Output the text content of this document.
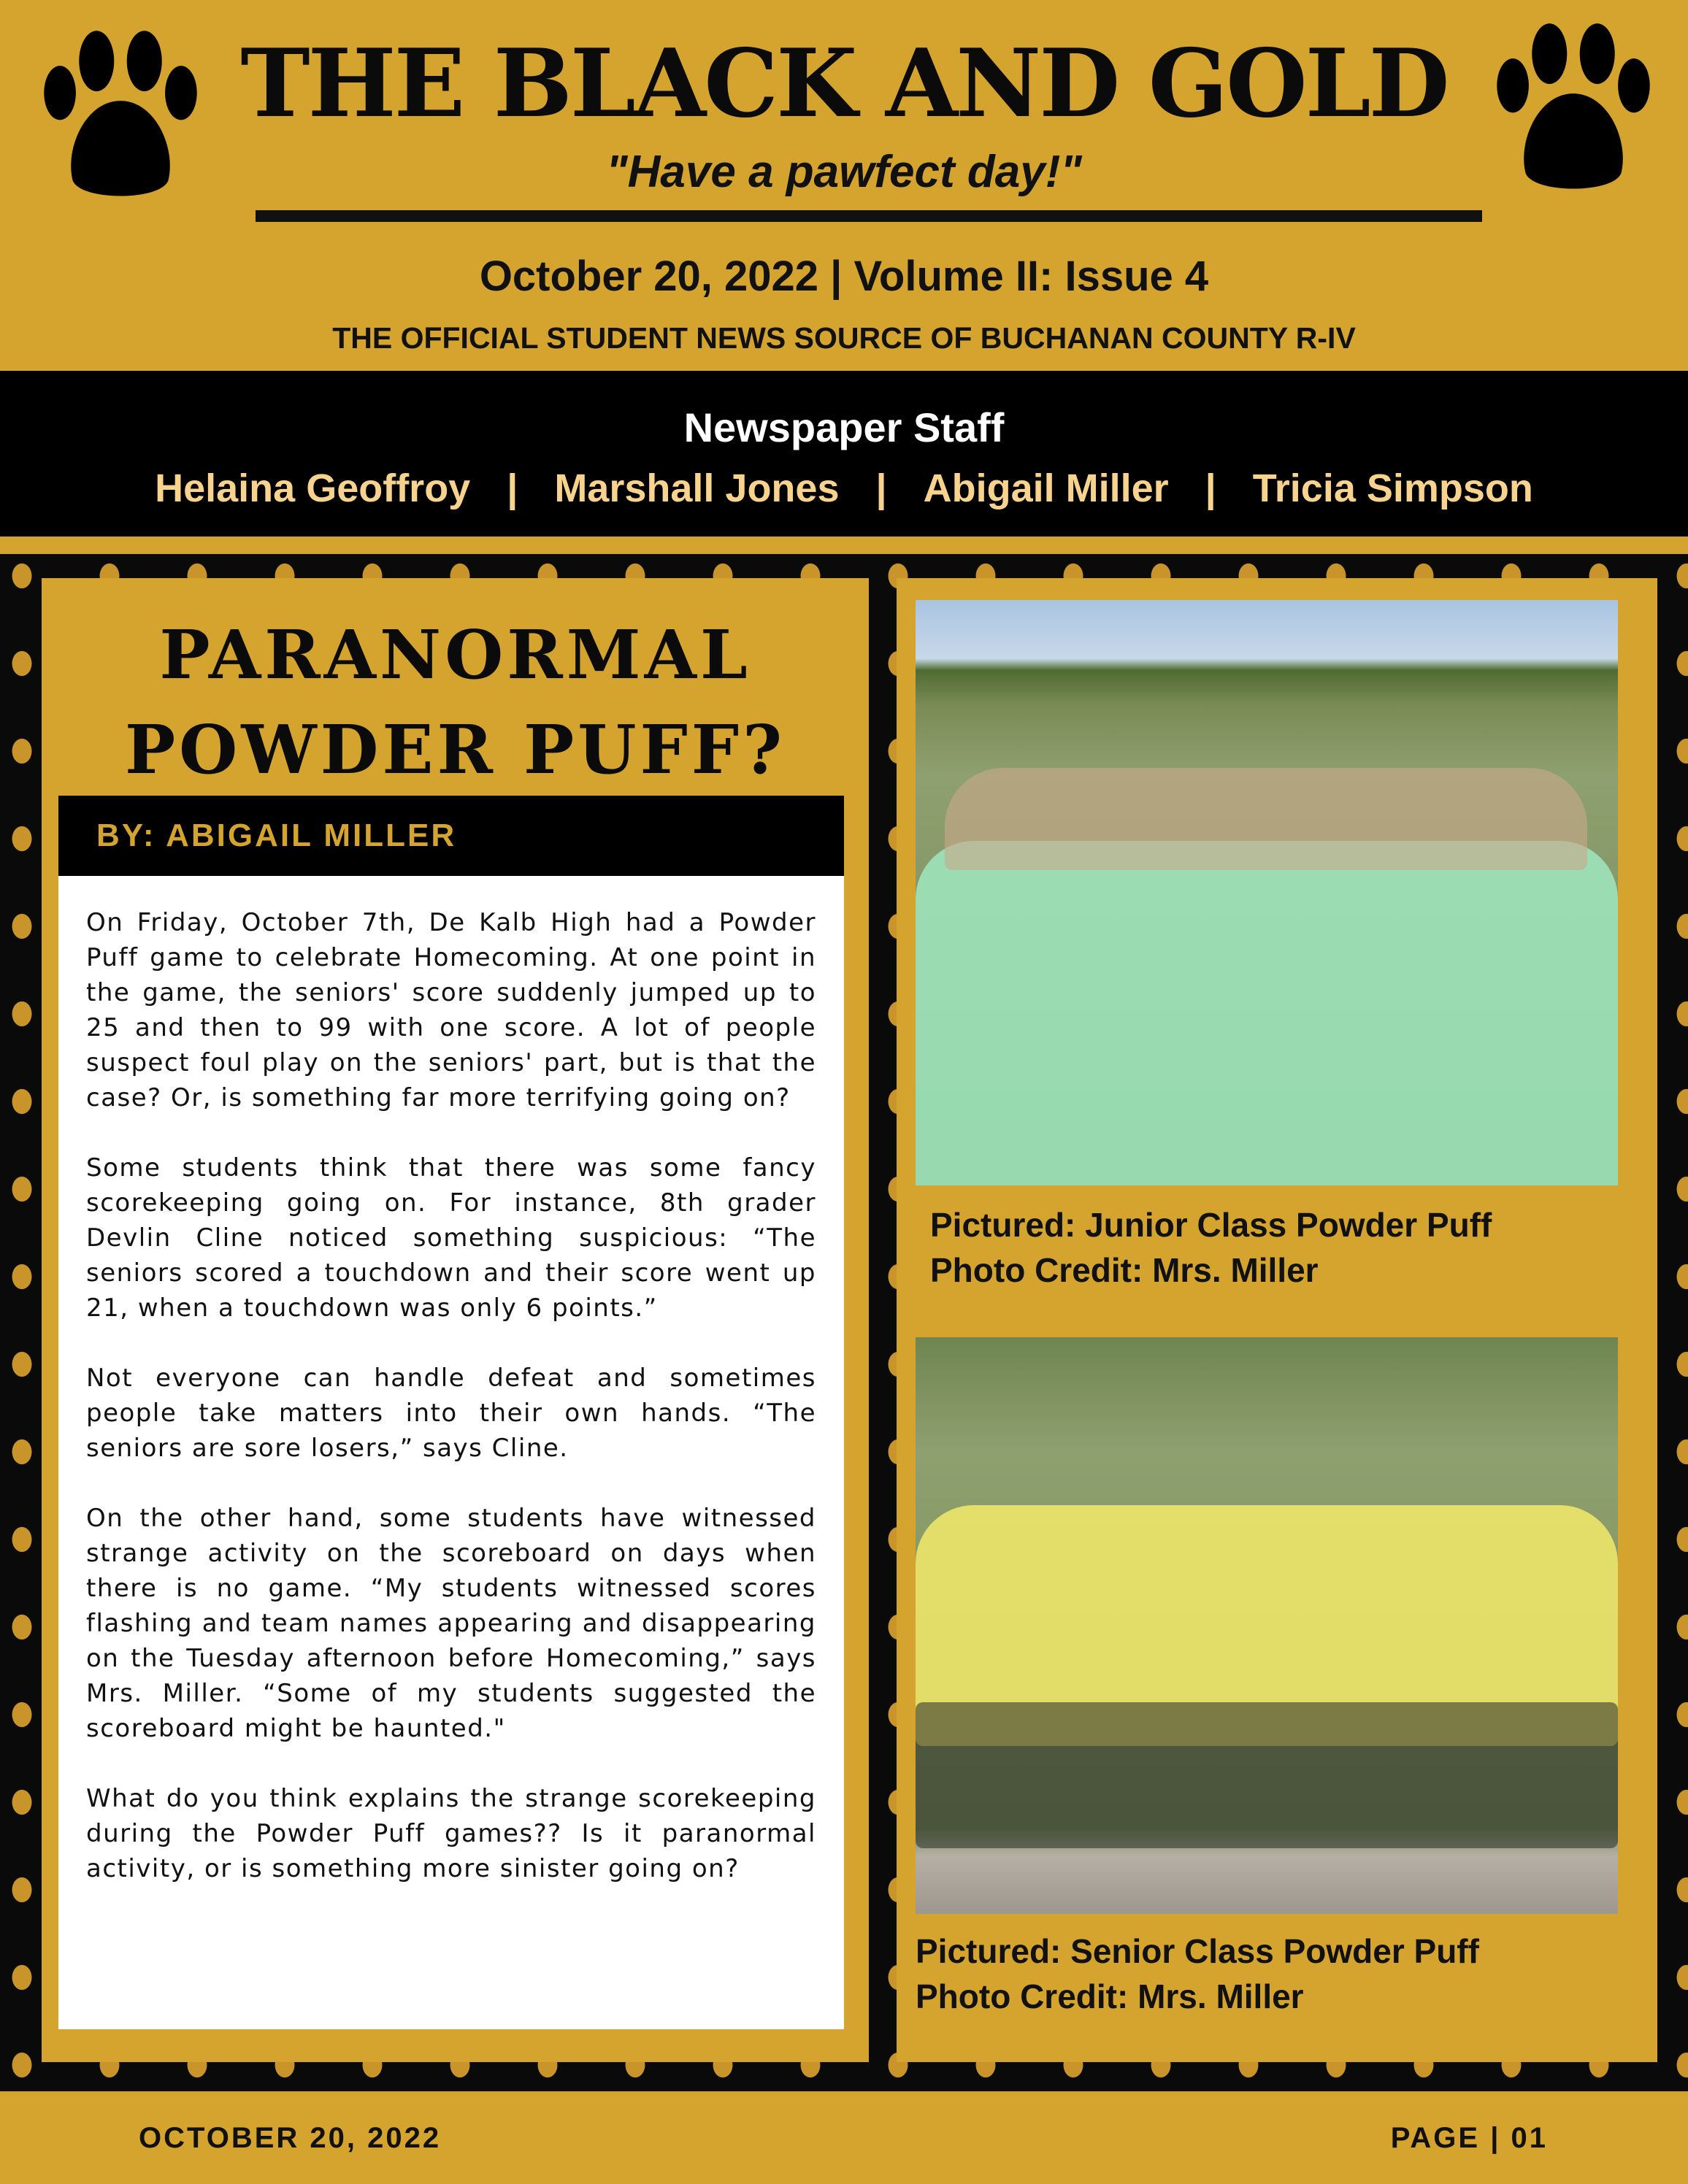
THE BLACK AND GOLD
"Have a pawfect day!"
October 20, 2022 | Volume II: Issue 4
THE OFFICIAL STUDENT NEWS SOURCE OF BUCHANAN COUNTY R-IV
Newspaper Staff
Helaina Geoffroy | Marshall Jones | Abigail Miller | Tricia Simpson
PARANORMAL
POWDER PUFF?
BY: ABIGAIL MILLER

On Friday, October 7th, De Kalb High had a Powder Puff game to celebrate Homecoming. At one point in the game, the seniors' score suddenly jumped up to 25 and then to 99 with one score. A lot of people suspect foul play on the seniors' part, but is that the case? Or, is something far more terrifying going on?

Some students think that there was some fancy scorekeeping going on. For instance, 8th grader Devlin Cline noticed something suspicious: “The seniors scored a touchdown and their score went up 21, when a touchdown was only 6 points.”

Not everyone can handle defeat and sometimes people take matters into their own hands. “The seniors are sore losers,” says Cline.

On the other hand, some students have witnessed strange activity on the scoreboard on days when there is no game. “My students witnessed scores flashing and team names appearing and disappearing on the Tuesday afternoon before Homecoming,” says Mrs. Miller. “Some of my students suggested the scoreboard might be haunted."

What do you think explains the strange scorekeeping during the Powder Puff games?? Is it paranormal activity, or is something more sinister going on?

Pictured: Junior Class Powder Puff
Photo Credit: Mrs. Miller
Pictured: Senior Class Powder Puff
Photo Credit: Mrs. Miller
OCTOBER 20, 2022	PAGE | 01
